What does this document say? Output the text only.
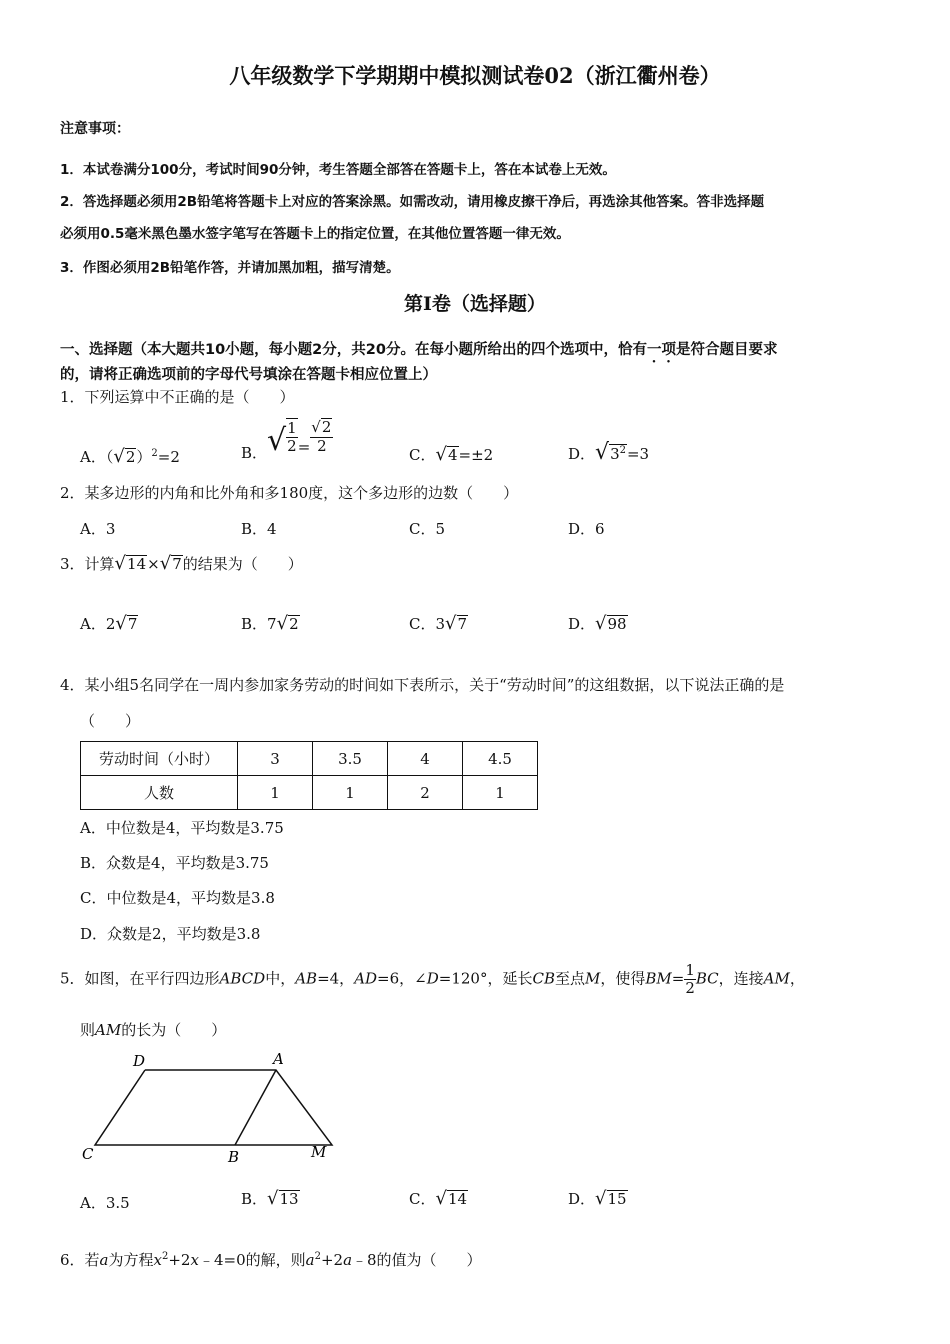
八年级数学下学期期中模拟测试卷02（浙江衢州卷）
注意事项：
1．本试卷满分100分，考试时间90分钟，考生答题全部答在答题卡上，答在本试卷上无效。
2．答选择题必须用2B铅笔将答题卡上对应的答案涂黑。如需改动，请用橡皮擦干净后，再选涂其他答案。答非选择题
必须用0.5毫米黑色墨水签字笔写在答题卡上的指定位置，在其他位置答题一律无效。
3．作图必须用2B铅笔作答，并请加黑加粗，描写清楚。
第Ⅰ卷（选择题）
一、选择题（本大题共10小题，每小题2分，共20分。在每小题所给出的四个选项中，恰有一项是符合题目要求
的，请将正确选项前的字母代号填涂在答题卡相应位置上）
1．下列运算中不正确的是（　　）
A．$(√2)^2=2$	B．√ $\frac{1}{2} = \frac{√2}{2}$
C．√4=±2	D．$√3^2=3$
2．某多边形的内角和比外角和多180度，这个多边形的边数（　　）
A．3	B．4	C．5	D．6
3．计算√14×√7的结果为（　　）
A．2√7	B．7√2	C．3√7	D．√98
4．某小组5名同学在一周内参加家务劳动的时间如下表所示，关于“劳动时间”的这组数据，以下说法正确的是
（　　）
劳动时间（小时）	3	3.5	4	4.5
人数	1	1	2	1
A．中位数是4，平均数是3.75
B．众数是4，平均数是3.75
C．中位数是4，平均数是3.8
D．众数是2，平均数是3.8
5．如图，在平行四边形ABCD中，AB=4，AD=6，∠D=120°，延长CB至点M，使得$BM= \frac{1}{2}$ BC，连接AM，
则AM的长为（　　）
D	A
C	B	M
A．3.5	B．√13	C．√14	D．√15
6．若a为方程$x^2+2x﹣4=0$的解，则$a^2+2a﹣8$的值为（　　）
